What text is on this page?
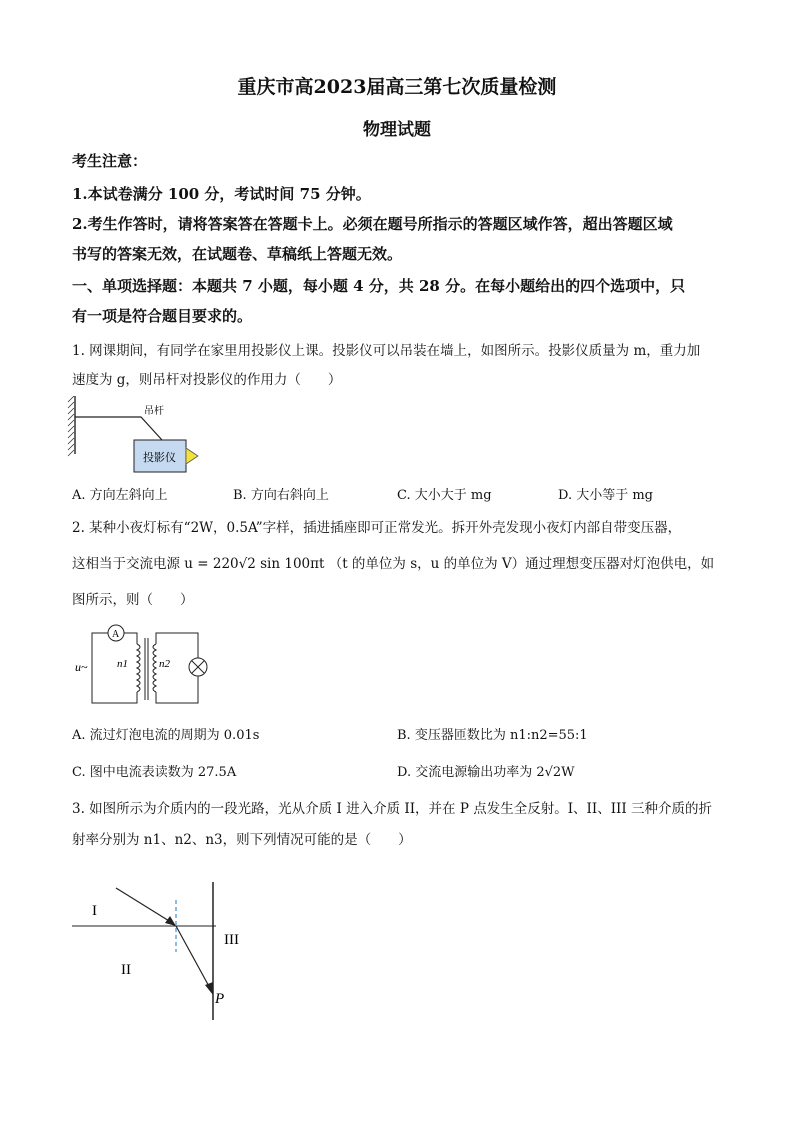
重庆市高2023届高三第七次质量检测
物理试题
考生注意：
1.本试卷满分 100 分，考试时间 75 分钟。
2.考生作答时，请将答案答在答题卡上。必须在题号所指示的答题区域作答，超出答题区域
书写的答案无效，在试题卷、草稿纸上答题无效。
一、单项选择题：本题共 7 小题，每小题 4 分，共 28 分。在每小题给出的四个选项中，只
有一项是符合题目要求的。
1. 网课期间，有同学在家里用投影仪上课。投影仪可以吊装在墙上，如图所示。投影仪质量为 m，重力加
速度为 g，则吊杆对投影仪的作用力（　　）
吊杆
投影仪
A. 方向左斜向上	B. 方向右斜向上	C. 大小大于 mg	D. 大小等于 mg
2. 某种小夜灯标有“2W，0.5A”字样，插进插座即可正常发光。拆开外壳发现小夜灯内部自带变压器，
这相当于交流电源 u = 220√2 sin 100πt （t 的单位为 s，u 的单位为 V）通过理想变压器对灯泡供电，如
图所示，则（　　）
A
u~	n1	n2
A. 流过灯泡电流的周期为 0.01s	B. 变压器匝数比为 n1:n2=55:1
C. 图中电流表读数为 27.5A	D. 交流电源输出功率为 2√2W
3. 如图所示为介质内的一段光路，光从介质 I 进入介质 II，并在 P 点发生全反射。I、II、III 三种介质的折
射率分别为 n1、n2、n3，则下列情况可能的是（　　）
I
II
III
P
